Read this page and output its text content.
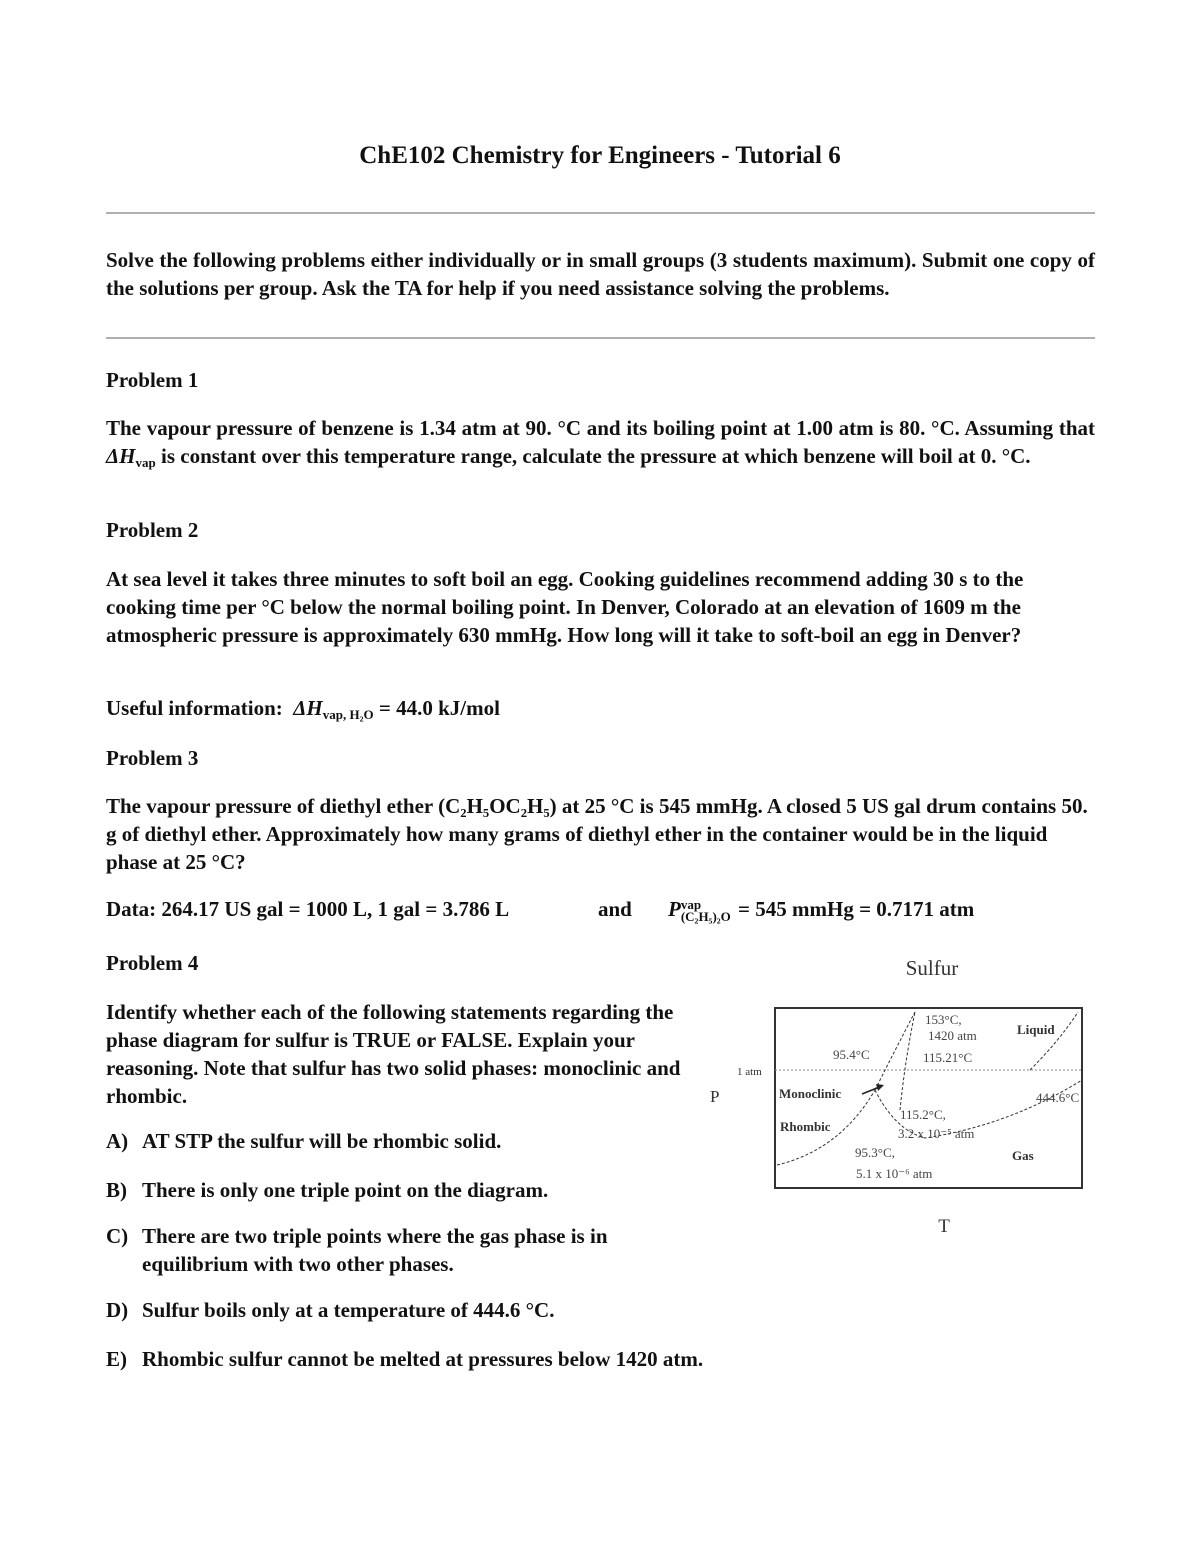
ChE102 Chemistry for Engineers - Tutorial 6
Solve the following problems either individually or in small groups (3 students maximum). Submit one copy of the solutions per group. Ask the TA for help if you need assistance solving the problems.
Problem 1
The vapour pressure of benzene is 1.34 atm at 90. °C and its boiling point at 1.00 atm is 80. °C. Assuming that $\Delta H_{vap}$ is constant over this temperature range, calculate the pressure at which benzene will boil at 0. °C.
Problem 2
At sea level it takes three minutes to soft boil an egg. Cooking guidelines recommend adding 30 s to the cooking time per °C below the normal boiling point. In Denver, Colorado at an elevation of 1609 m the atmospheric pressure is approximately 630 mmHg. How long will it take to soft-boil an egg in Denver?
Useful information: $\Delta H_{vap, H_2O} = 44.0$ kJ/mol
Problem 3
The vapour pressure of diethyl ether (C₂H₅OC₂H₅) at 25 °C is 545 mmHg. A closed 5 US gal drum contains 50. g of diethyl ether. Approximately how many grams of diethyl ether in the container would be in the liquid phase at 25 °C?
Data: 264.17 US gal = 1000 L, 1 gal = 3.786 L	and P vap
(C₂H₅)₂O = 545 mmHg = 0.7171 atm
Problem 4
Identify whether each of the following statements regarding the phase diagram for sulfur is TRUE or FALSE. Explain your reasoning. Note that sulfur has two solid phases: monoclinic and rhombic.
A) AT STP the sulfur will be rhombic solid.
B) There is only one triple point on the diagram.
C) There are two triple points where the gas phase is in equilibrium with two other phases.
D) Sulfur boils only at a temperature of 444.6 °C.
E) Rhombic sulfur cannot be melted at pressures below 1420 atm.
Sulfur
P
T
1 atm
153°C,
1420 atm	Liquid
95.4°C	115.21°C
Monoclinic	444.6°C
115.2°C,
3.2 x 10⁻⁵ atm
Rhombic
95.3°C,
5.1 x 10⁻⁶ atm
Gas
